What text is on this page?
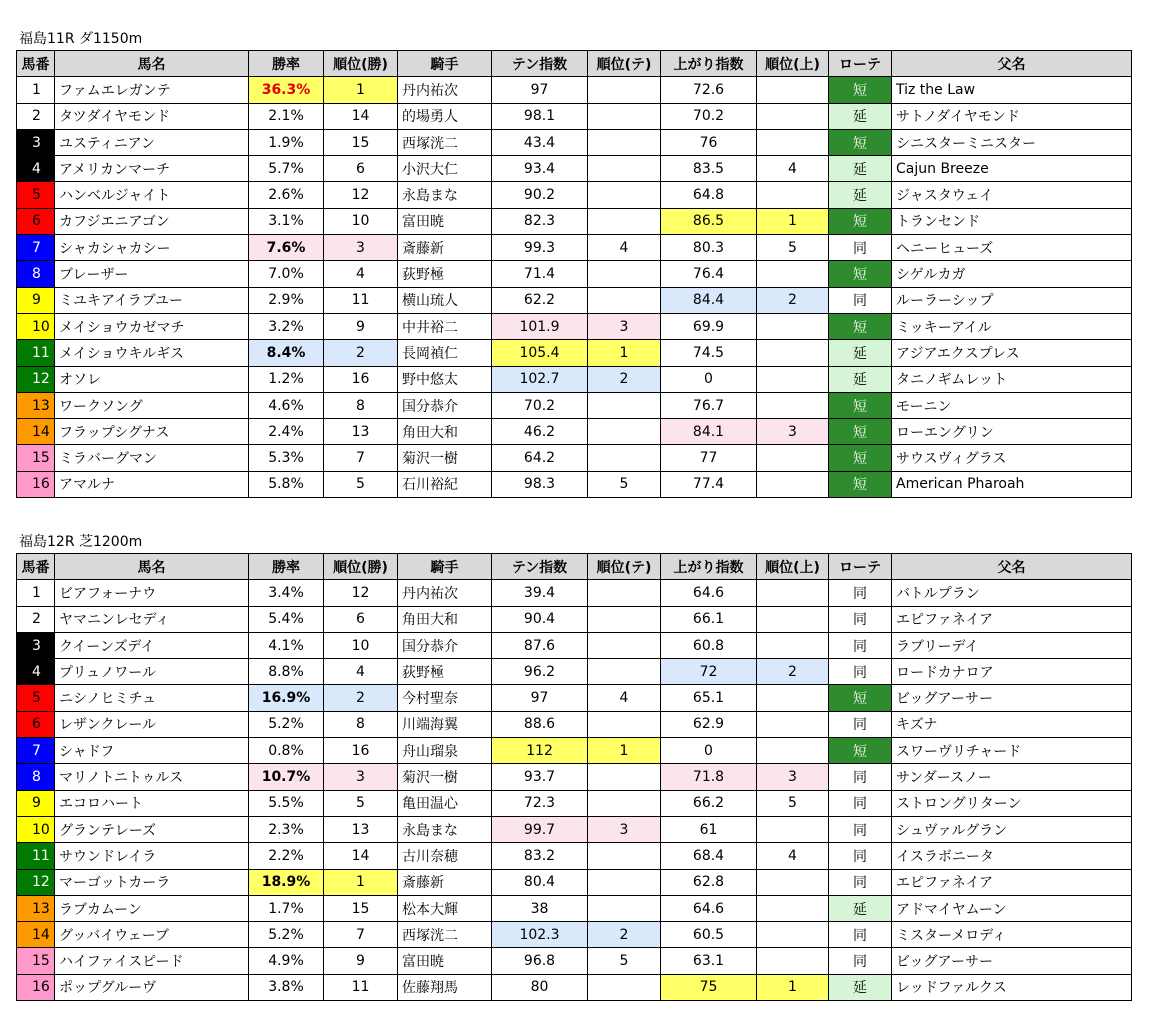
福島11R ダ1150m
馬番	馬名	勝率	順位(勝)	騎手	テン指数	順位(テ)	上がり指数	順位(上)	ローテ	父名
1	ファムエレガンテ	36.3%	1	丹内祐次	97		72.6		短	Tiz the Law
2	タツダイヤモンド	2.1%	14	的場勇人	98.1		70.2		延	サトノダイヤモンド
3	ユスティニアン	1.9%	15	西塚洸二	43.4		76		短	シニスターミニスター
4	アメリカンマーチ	5.7%	6	小沢大仁	93.4		83.5	4	延	Cajun Breeze
5	ハンベルジャイト	2.6%	12	永島まな	90.2		64.8		延	ジャスタウェイ
6	カフジエニアゴン	3.1%	10	富田暁	82.3		86.5	1	短	トランセンド
7	シャカシャカシー	7.6%	3	斎藤新	99.3	4	80.3	5	同	ヘニーヒューズ
8	ブレーザー	7.0%	4	荻野極	71.4		76.4		短	シゲルカガ
9	ミユキアイラブユー	2.9%	11	横山琉人	62.2		84.4	2	同	ルーラーシップ
10	メイショウカゼマチ	3.2%	9	中井裕二	101.9	3	69.9		短	ミッキーアイル
11	メイショウキルギス	8.4%	2	長岡禎仁	105.4	1	74.5		延	アジアエクスプレス
12	オソレ	1.2%	16	野中悠太	102.7	2	0		延	タニノギムレット
13	ワークソング	4.6%	8	国分恭介	70.2		76.7		短	モーニン
14	フラップシグナス	2.4%	13	角田大和	46.2		84.1	3	短	ローエングリン
15	ミラバーグマン	5.3%	7	菊沢一樹	64.2		77		短	サウスヴィグラス
16	アマルナ	5.8%	5	石川裕紀	98.3	5	77.4		短	American Pharoah
福島12R 芝1200m
馬番	馬名	勝率	順位(勝)	騎手	テン指数	順位(テ)	上がり指数	順位(上)	ローテ	父名
1	ビアフォーナウ	3.4%	12	丹内祐次	39.4		64.6		同	バトルプラン
2	ヤマニンレセディ	5.4%	6	角田大和	90.4		66.1		同	エピファネイア
3	クイーンズデイ	4.1%	10	国分恭介	87.6		60.8		同	ラブリーデイ
4	プリュノワール	8.8%	4	荻野極	96.2		72	2	同	ロードカナロア
5	ニシノヒミチュ	16.9%	2	今村聖奈	97	4	65.1		短	ビッグアーサー
6	レザンクレール	5.2%	8	川端海翼	88.6		62.9		同	キズナ
7	シャドフ	0.8%	16	舟山瑠泉	112	1	0		短	スワーヴリチャード
8	マリノトニトゥルス	10.7%	3	菊沢一樹	93.7		71.8	3	同	サンダースノー
9	エコロハート	5.5%	5	亀田温心	72.3		66.2	5	同	ストロングリターン
10	グランテレーズ	2.3%	13	永島まな	99.7	3	61		同	シュヴァルグラン
11	サウンドレイラ	2.2%	14	古川奈穂	83.2		68.4	4	同	イスラボニータ
12	マーゴットカーラ	18.9%	1	斎藤新	80.4		62.8		同	エピファネイア
13	ラブカムーン	1.7%	15	松本大輝	38		64.6		延	アドマイヤムーン
14	グッバイウェーブ	5.2%	7	西塚洸二	102.3	2	60.5		同	ミスターメロディ
15	ハイファイスピード	4.9%	9	富田暁	96.8	5	63.1		同	ビッグアーサー
16	ポップグルーヴ	3.8%	11	佐藤翔馬	80		75	1	延	レッドファルクス
